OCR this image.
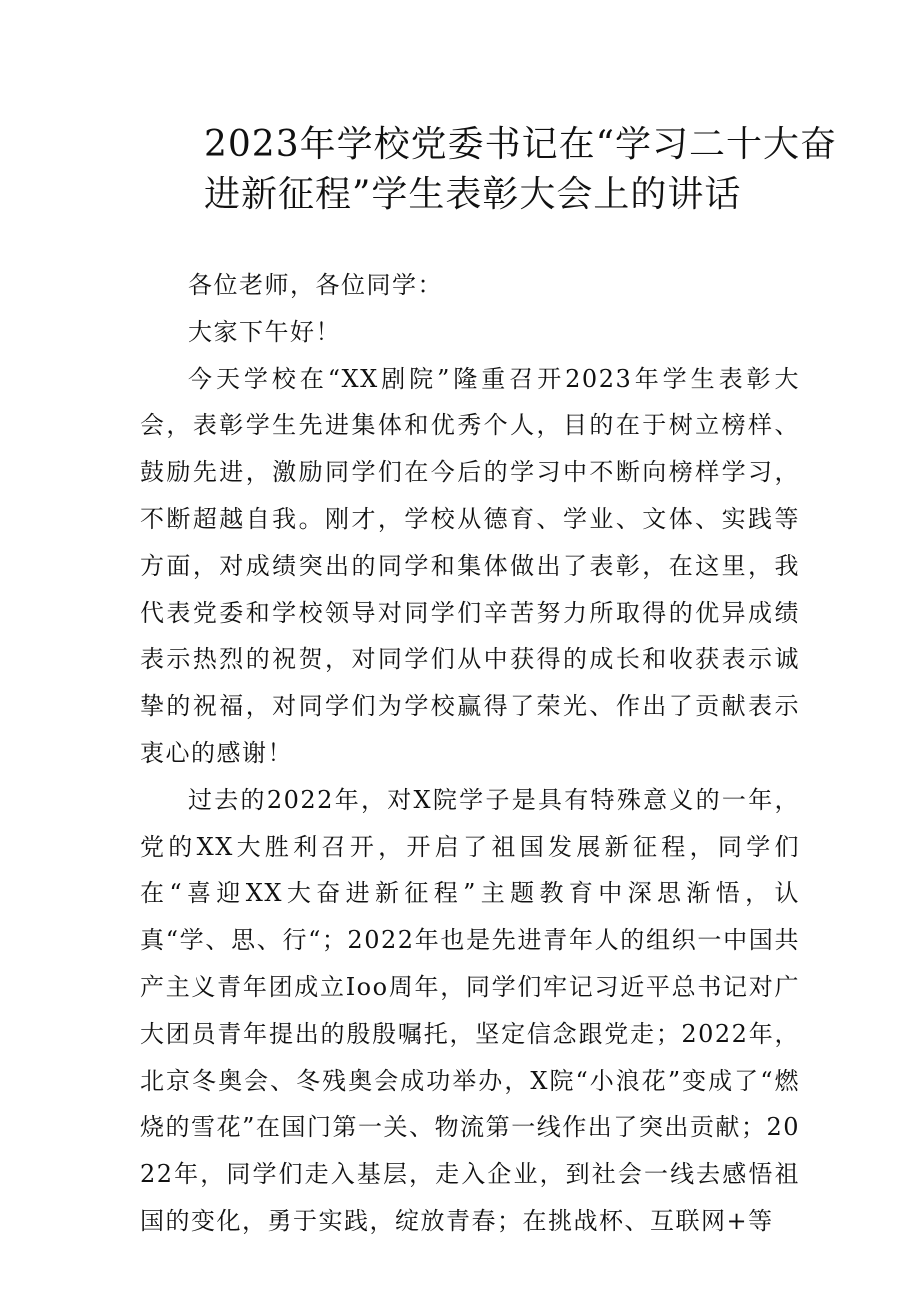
2023年学校党委书记在“学习二十大奋
进新征程”学生表彰大会上的讲话

各位老师，各位同学：

大家下午好！

今天学校在“XX剧院”隆重召开2023年学生表彰大会，表彰学生先进集体和优秀个人，目的在于树立榜样、鼓励先进，激励同学们在今后的学习中不断向榜样学习，不断超越自我。刚才，学校从德育、学业、文体、实践等方面，对成绩突出的同学和集体做出了表彰，在这里，我代表党委和学校领导对同学们辛苦努力所取得的优异成绩表示热烈的祝贺，对同学们从中获得的成长和收获表示诚挚的祝福，对同学们为学校赢得了荣光、作出了贡献表示衷心的感谢！

过去的2022年，对X院学子是具有特殊意义的一年，党的XX大胜利召开，开启了祖国发展新征程，同学们在“喜迎XX大奋进新征程”主题教育中深思渐悟，认真“学、思、行“；2022年也是先进青年人的组织一中国共产主义青年团成立Ioo周年，同学们牢记习近平总书记对广大团员青年提出的殷殷嘱托，坚定信念跟党走；2022年，北京冬奥会、冬残奥会成功举办，X院“小浪花”变成了“燃烧的雪花”在国门第一关、物流第一线作出了突出贡献；2022年，同学们走入基层，走入企业，到社会一线去感悟祖国的变化，勇于实践，绽放青春；在挑战杯、互联网+等
